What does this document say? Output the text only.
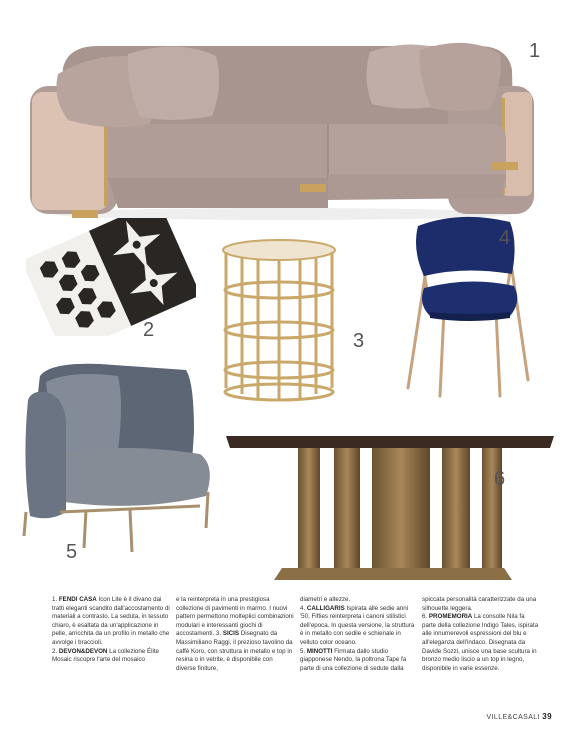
1
2	3
4
5
6

1. FENDI CASA Icon Lite è il divano dai tratti eleganti scandito dall'accostamento di materiali a contrasto. La seduta, in tessuto chiaro, è esaltata da un'applicazione in pelle, arricchita da un profilo in metallo che avvolge i braccioli.

2. DEVON&DEVON La collezione Élite Mosaic riscopre l'arte del mosaico

e la reinterpreta in una prestigiosa collezione di pavimenti in marmo. I nuovi pattern permettono molteplici combinazioni modulari e interessanti giochi di accostamenti. 3. SICIS Disegnato da Massimiliano Raggi, il prezioso tavolino da caffè Koro, con struttura in metallo e top in resina o in vetrite, è disponibile con diverse finiture,

diametri e altezze.

4. CALLIGARIS Ispirata alle sedie anni '50, Fifties reinterpreta i canoni stilistici dell'epoca. In questa versione, la struttura è in metallo con sedile e schienale in velluto color oceano.

5. MINOTTI Firmata dallo studio giapponese Nendo, la poltrona Tape fa parte di una collezione di sedute dalla

spiccata personalità caratterizzate da una silhouette leggera.

6. PROMEMORIA La consolle Nila fa parte della collezione Indigo Tales, ispirata alle innumerevoli espressioni del blu e all'eleganza dell'indaco. Disegnata da Davide Sozzi, unisce una base scultura in bronzo medio liscio a un top in legno, disponibile in varie essenze.

VILLE&CASALI 39
